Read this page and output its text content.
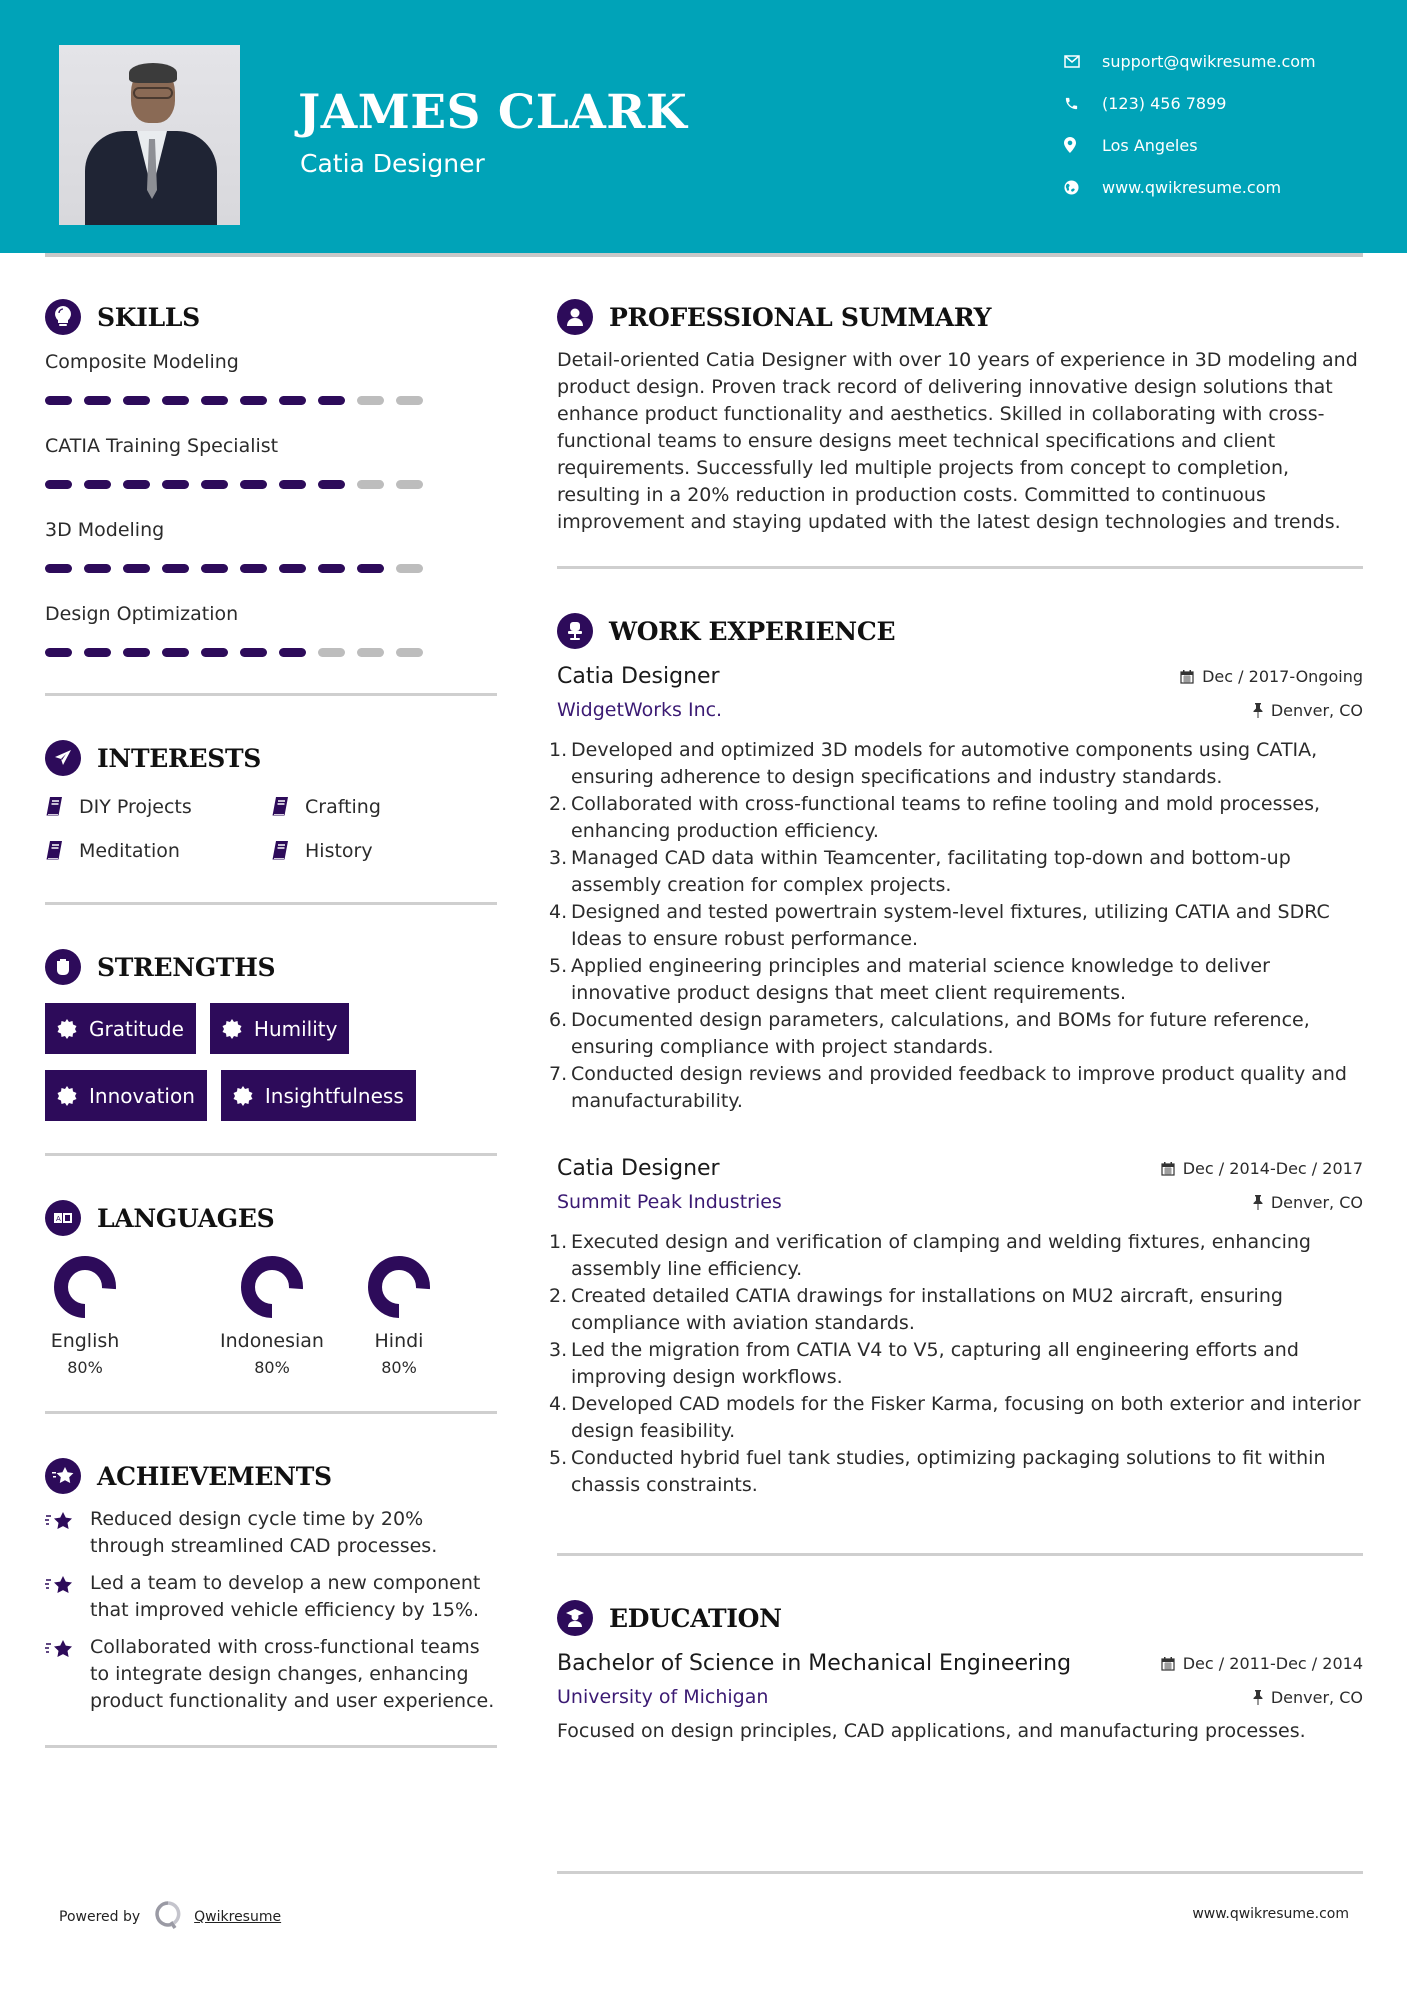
JAMES CLARK
Catia Designer
support@qwikresume.com
(123) 456 7899
Los Angeles
www.qwikresume.com
SKILLS
Composite Modeling
CATIA Training Specialist
3D Modeling
Design Optimization
INTERESTS
DIY Projects	Crafting
Meditation	History
STRENGTHS
Gratitude	Humility
Innovation	Insightfulness
A LANGUAGES
English
80%
Indonesian
80%
Hindi
80%
ACHIEVEMENTS
Reduced design cycle time by 20% through streamlined CAD processes.
Led a team to develop a new component that improved vehicle efficiency by 15%.
Collaborated with cross-functional teams to integrate design changes, enhancing product functionality and user experience.
PROFESSIONAL SUMMARY

Detail-oriented Catia Designer with over 10 years of experience in 3D modeling and product design. Proven track record of delivering innovative design solutions that enhance product functionality and aesthetics. Skilled in collaborating with cross-functional teams to ensure designs meet technical specifications and client requirements. Successfully led multiple projects from concept to completion, resulting in a 20% reduction in production costs. Committed to continuous improvement and staying updated with the latest design technologies and trends.

WORK EXPERIENCE
Catia Designer	Dec / 2017-Ongoing
WidgetWorks Inc.	Denver, CO
1. Developed and optimized 3D models for automotive components using CATIA, ensuring adherence to design specifications and industry standards.
2. Collaborated with cross-functional teams to refine tooling and mold processes, enhancing production efficiency.
3. Managed CAD data within Teamcenter, facilitating top-down and bottom-up assembly creation for complex projects.
4. Designed and tested powertrain system-level fixtures, utilizing CATIA and SDRC Ideas to ensure robust performance.
5. Applied engineering principles and material science knowledge to deliver innovative product designs that meet client requirements.
6. Documented design parameters, calculations, and BOMs for future reference, ensuring compliance with project standards.
7. Conducted design reviews and provided feedback to improve product quality and manufacturability.
Catia Designer	Dec / 2014-Dec / 2017
Summit Peak Industries	Denver, CO
1. Executed design and verification of clamping and welding fixtures, enhancing assembly line efficiency.
2. Created detailed CATIA drawings for installations on MU2 aircraft, ensuring compliance with aviation standards.
3. Led the migration from CATIA V4 to V5, capturing all engineering efforts and improving design workflows.
4. Developed CAD models for the Fisker Karma, focusing on both exterior and interior design feasibility.
5. Conducted hybrid fuel tank studies, optimizing packaging solutions to fit within chassis constraints.
EDUCATION
Bachelor of Science in Mechanical Engineering	Dec / 2011-Dec / 2014
University of Michigan	Denver, CO

Focused on design principles, CAD applications, and manufacturing processes.

Powered by	Qwikresume	www.qwikresume.com
